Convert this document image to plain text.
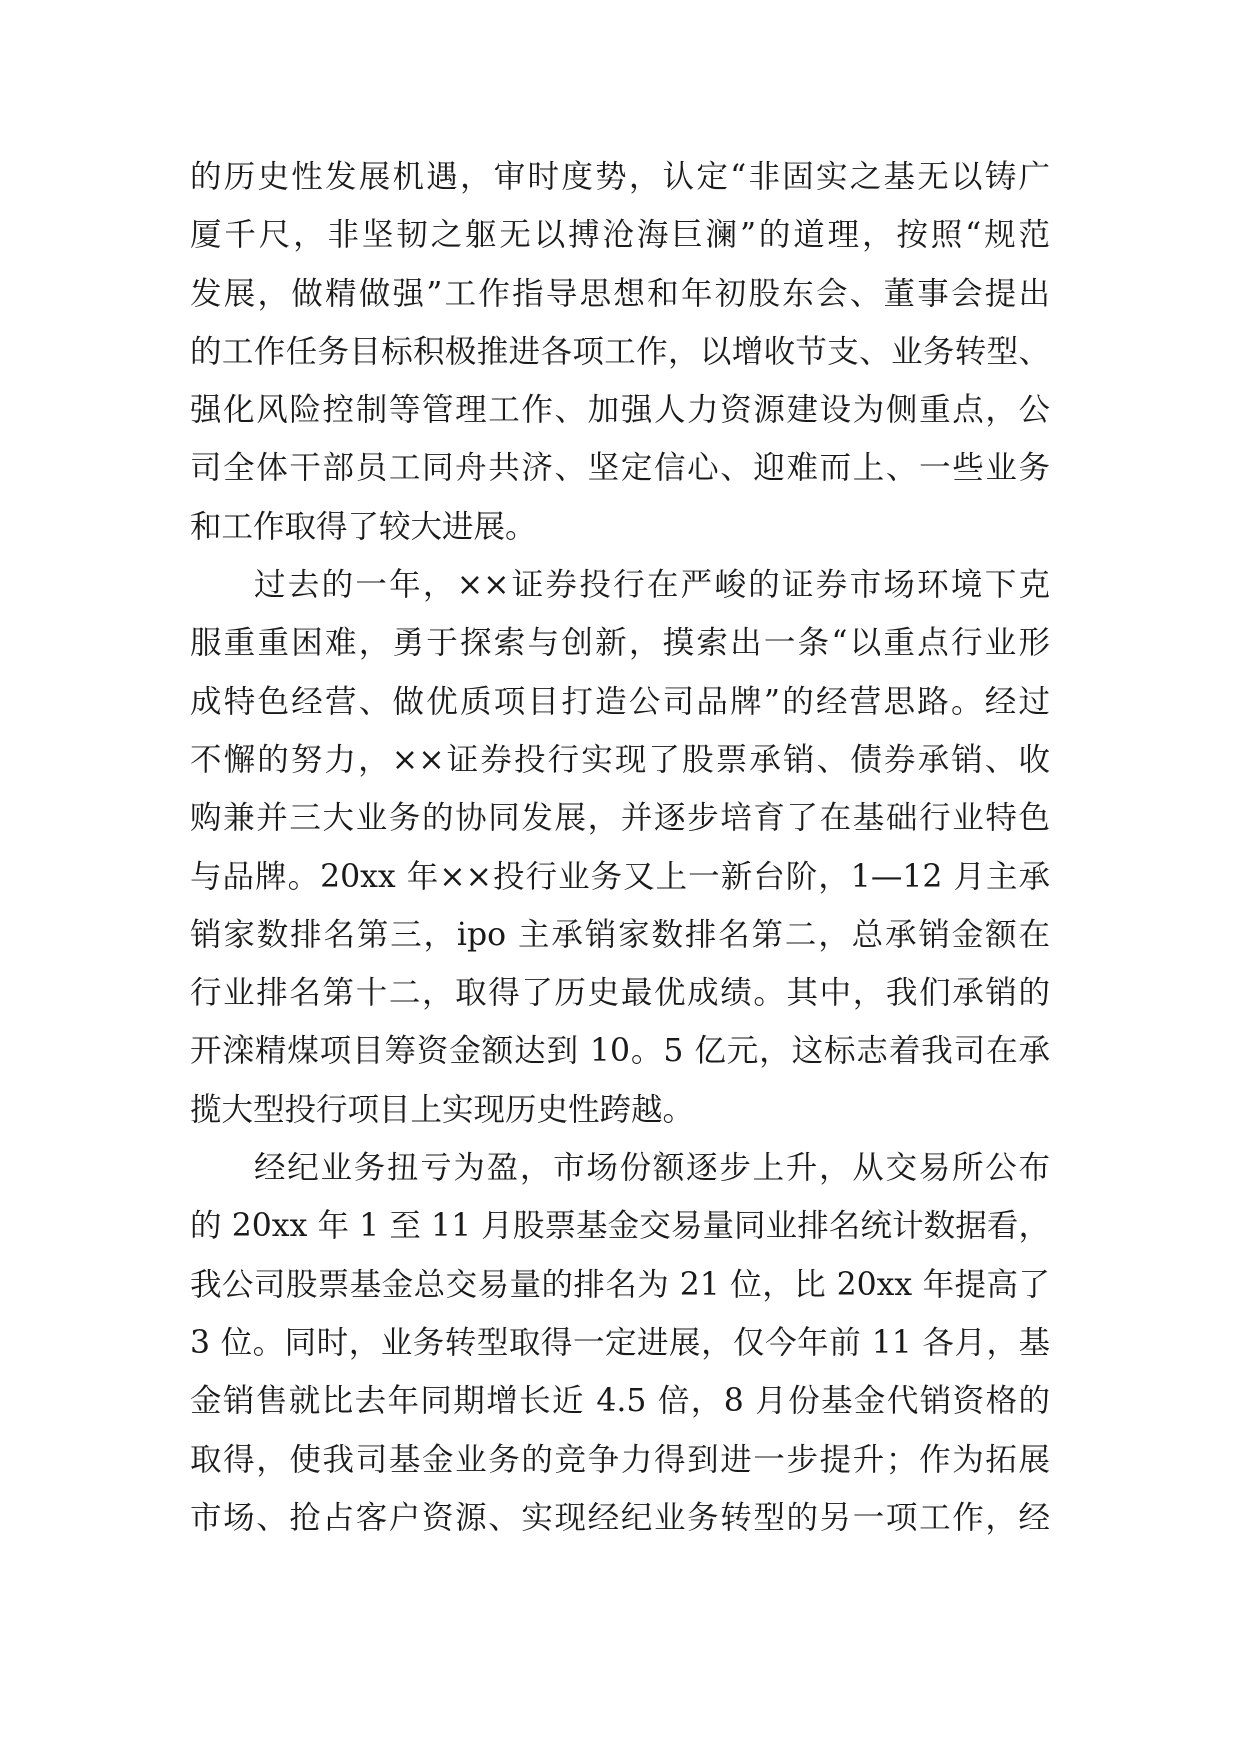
的历史性发展机遇，审时度势，认定“非固实之基无以铸广
厦千尺，非坚韧之躯无以搏沧海巨澜”的道理，按照“规范
发展，做精做强”工作指导思想和年初股东会、董事会提出
的工作任务目标积极推进各项工作，以增收节支、业务转型、
强化风险控制等管理工作、加强人力资源建设为侧重点，公
司全体干部员工同舟共济、坚定信心、迎难而上、一些业务
和工作取得了较大进展。
过去的一年，××证券投行在严峻的证券市场环境下克
服重重困难，勇于探索与创新，摸索出一条“以重点行业形
成特色经营、做优质项目打造公司品牌”的经营思路。经过
不懈的努力，××证券投行实现了股票承销、债券承销、收
购兼并三大业务的协同发展，并逐步培育了在基础行业特色
与品牌。20xx 年××投行业务又上一新台阶，1—12 月主承
销家数排名第三，ipo 主承销家数排名第二，总承销金额在
行业排名第十二，取得了历史最优成绩。其中，我们承销的
开滦精煤项目筹资金额达到 10。5 亿元，这标志着我司在承
揽大型投行项目上实现历史性跨越。
经纪业务扭亏为盈，市场份额逐步上升，从交易所公布
的 20xx 年 1 至 11 月股票基金交易量同业排名统计数据看，
我公司股票基金总交易量的排名为 21 位，比 20xx 年提高了
3 位。同时，业务转型取得一定进展，仅今年前 11 各月，基
金销售就比去年同期增长近 4.5 倍，8 月份基金代销资格的
取得，使我司基金业务的竞争力得到进一步提升；作为拓展
市场、抢占客户资源、实现经纪业务转型的另一项工作，经
